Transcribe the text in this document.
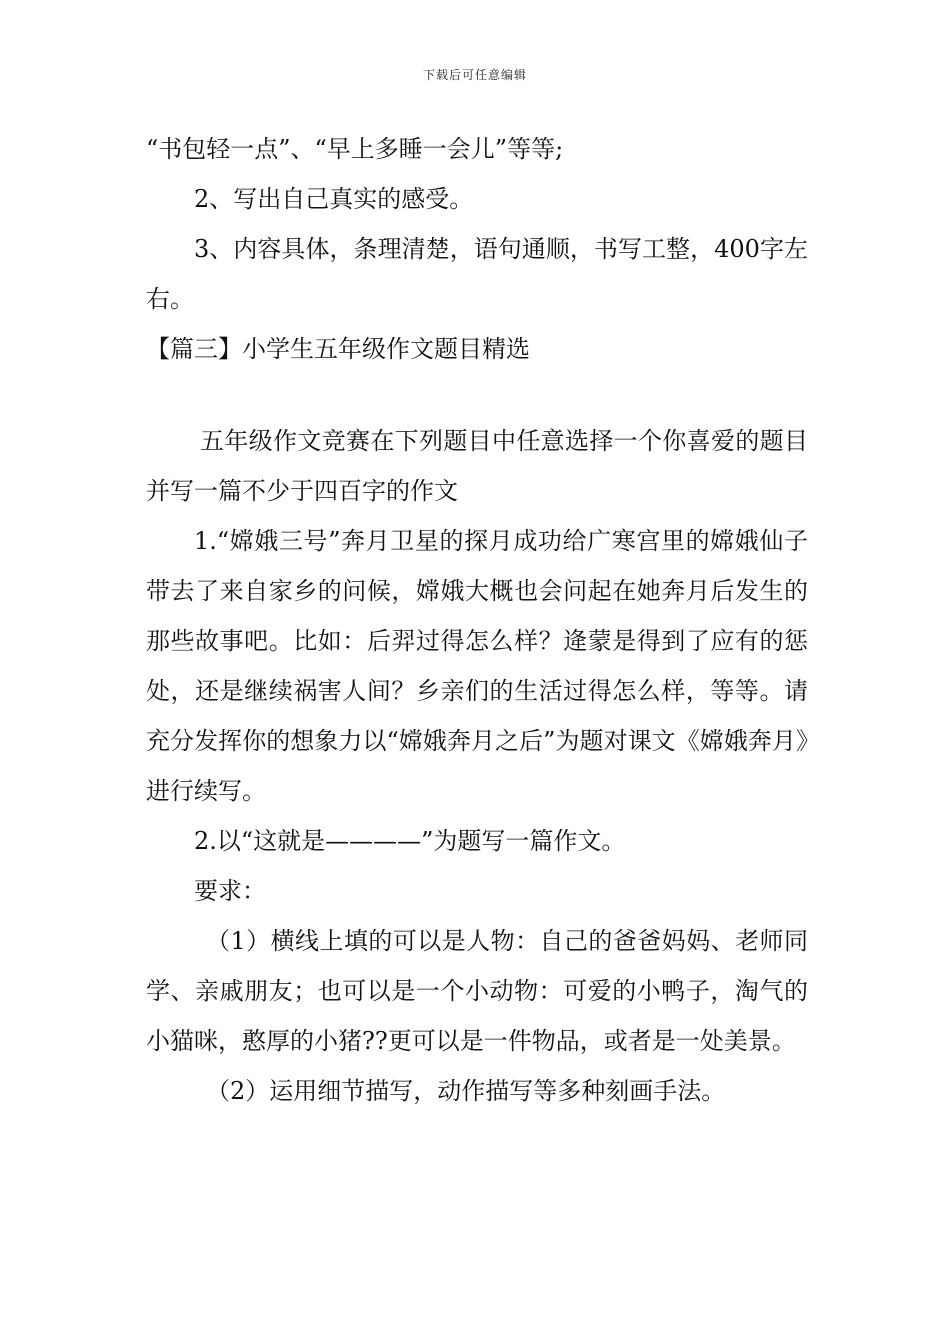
下载后可任意编辑

“书包轻一点”、“早上多睡一会儿”等等;

2、写出自己真实的感受。

3、内容具体，条理清楚，语句通顺，书写工整，400字左右。

【篇三】小学生五年级作文题目精选

五年级作文竞赛在下列题目中任意选择一个你喜爱的题目并写一篇不少于四百字的作文

1.“嫦娥三号”奔月卫星的探月成功给广寒宫里的嫦娥仙子带去了来自家乡的问候，嫦娥大概也会问起在她奔月后发生的那些故事吧。比如：后羿过得怎么样？逄蒙是得到了应有的惩处，还是继续祸害人间？乡亲们的生活过得怎么样，等等。请充分发挥你的想象力以“嫦娥奔月之后”为题对课文《嫦娥奔月》进行续写。

2.以“这就是————”为题写一篇作文。

要求：

（1）横线上填的可以是人物：自己的爸爸妈妈、老师同学、亲戚朋友；也可以是一个小动物：可爱的小鸭子，淘气的小猫咪，憨厚的小猪??更可以是一件物品，或者是一处美景。

（2）运用细节描写，动作描写等多种刻画手法。
